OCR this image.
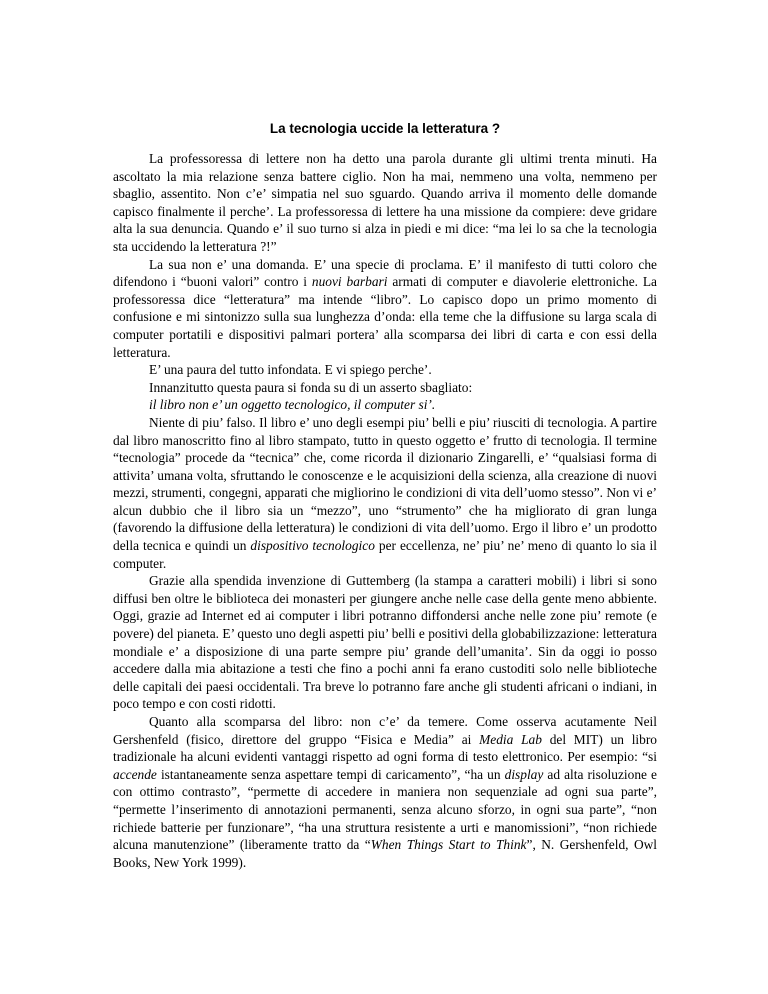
La tecnologia uccide la letteratura ?

La professoressa di lettere non ha detto una parola durante gli ultimi trenta minuti. Ha ascoltato la mia relazione senza battere ciglio. Non ha mai, nemmeno una volta, nemmeno per sbaglio, assentito. Non c’e’ simpatia nel suo sguardo. Quando arriva il momento delle domande capisco finalmente il perche’. La professoressa di lettere ha una missione da compiere: deve gridare alta la sua denuncia. Quando e’ il suo turno si alza in piedi e mi dice: “ma lei lo sa che la tecnologia sta uccidendo la letteratura ?!”

La sua non e’ una domanda. E’ una specie di proclama. E’ il manifesto di tutti coloro che difendono i “buoni valori” contro i nuovi barbari armati di computer e diavolerie elettroniche. La professoressa dice “letteratura” ma intende “libro”. Lo capisco dopo un primo momento di confusione e mi sintonizzo sulla sua lunghezza d’onda: ella teme che la diffusione su larga scala di computer portatili e dispositivi palmari portera’ alla scomparsa dei libri di carta e con essi della letteratura.

E’ una paura del tutto infondata. E vi spiego perche’.

Innanzitutto questa paura si fonda su di un asserto sbagliato:

il libro non e’ un oggetto tecnologico, il computer si’.

Niente di piu’ falso. Il libro e’ uno degli esempi piu’ belli e piu’ riusciti di tecnologia. A partire dal libro manoscritto fino al libro stampato, tutto in questo oggetto e’ frutto di tecnologia. Il termine “tecnologia” procede da “tecnica” che, come ricorda il dizionario Zingarelli, e’ “qualsiasi forma di attivita’ umana volta, sfruttando le conoscenze e le acquisizioni della scienza, alla creazione di nuovi mezzi, strumenti, congegni, apparati che migliorino le condizioni di vita dell’uomo stesso”. Non vi e’ alcun dubbio che il libro sia un “mezzo”, uno “strumento” che ha migliorato di gran lunga (favorendo la diffusione della letteratura) le condizioni di vita dell’uomo. Ergo il libro e’ un prodotto della tecnica e quindi un dispositivo tecnologico per eccellenza, ne’ piu’ ne’ meno di quanto lo sia il computer.

Grazie alla spendida invenzione di Guttemberg (la stampa a caratteri mobili) i libri si sono diffusi ben oltre le biblioteca dei monasteri per giungere anche nelle case della gente meno abbiente. Oggi, grazie ad Internet ed ai computer i libri potranno diffondersi anche nelle zone piu’ remote (e povere) del pianeta. E’ questo uno degli aspetti piu’ belli e positivi della globabilizzazione: letteratura mondiale e’ a disposizione di una parte sempre piu’ grande dell’umanita’. Sin da oggi io posso accedere dalla mia abitazione a testi che fino a pochi anni fa erano custoditi solo nelle biblioteche delle capitali dei paesi occidentali. Tra breve lo potranno fare anche gli studenti africani o indiani, in poco tempo e con costi ridotti.

Quanto alla scomparsa del libro: non c’e’ da temere. Come osserva acutamente Neil Gershenfeld (fisico, direttore del gruppo “Fisica e Media” ai Media Lab del MIT) un libro tradizionale ha alcuni evidenti vantaggi rispetto ad ogni forma di testo elettronico. Per esempio: “si accende istantaneamente senza aspettare tempi di caricamento”, “ha un display ad alta risoluzione e con ottimo contrasto”, “permette di accedere in maniera non sequenziale ad ogni sua parte”, “permette l’inserimento di annotazioni permanenti, senza alcuno sforzo, in ogni sua parte”, “non richiede batterie per funzionare”, “ha una struttura resistente a urti e manomissioni”, “non richiede alcuna manutenzione” (liberamente tratto da “When Things Start to Think”, N. Gershenfeld, Owl Books, New York 1999).
